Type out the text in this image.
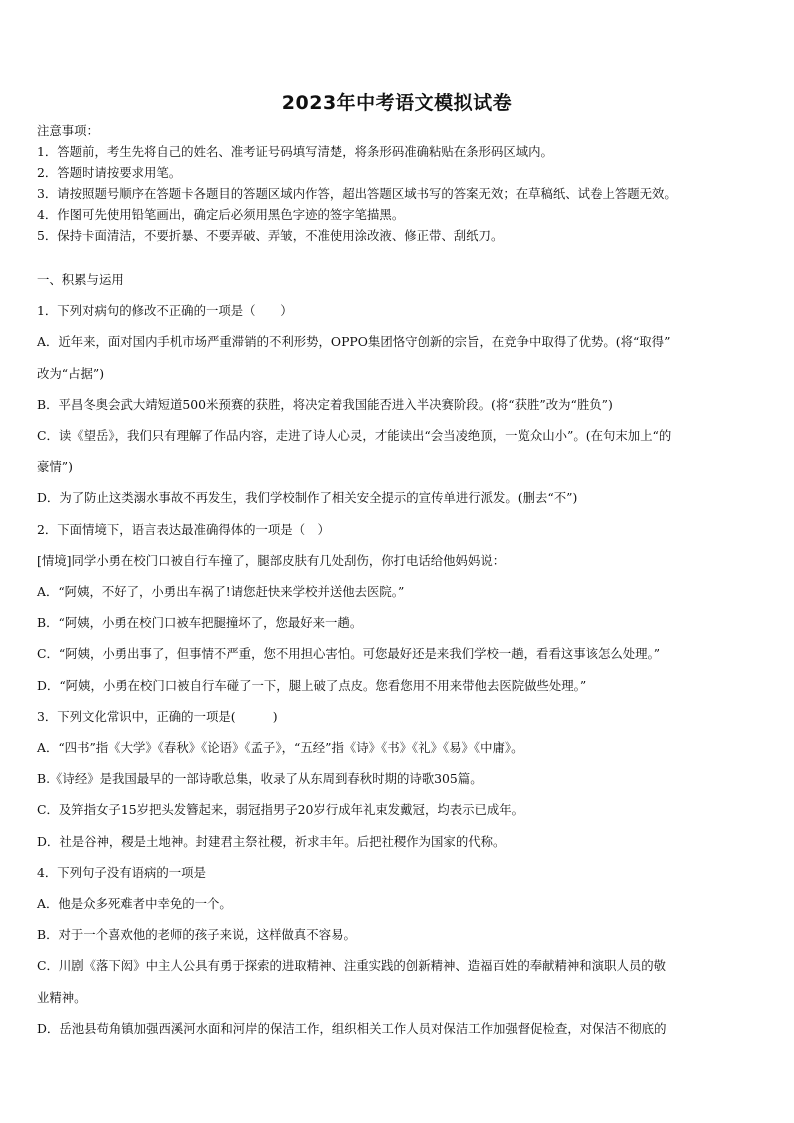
2023年中考语文模拟试卷
注意事项：
1．答题前，考生先将自己的姓名、准考证号码填写清楚，将条形码准确粘贴在条形码区域内。
2．答题时请按要求用笔。
3．请按照题号顺序在答题卡各题目的答题区域内作答，超出答题区域书写的答案无效；在草稿纸、试卷上答题无效。
4．作图可先使用铅笔画出，确定后必须用黑色字迹的签字笔描黑。
5．保持卡面清洁，不要折暴、不要弄破、弄皱，不准使用涂改液、修正带、刮纸刀。
一、积累与运用
1．下列对病句的修改不正确的一项是（　　）
A．近年来，面对国内手机市场严重滞销的不利形势，OPPO集团恪守创新的宗旨，在竞争中取得了优势。(将“取得”
改为“占据”)
B．平昌冬奥会武大靖短道500米预赛的获胜，将决定着我国能否进入半决赛阶段。(将“获胜”改为“胜负”)
C．读《望岳》，我们只有理解了作品内容，走进了诗人心灵，才能读出“会当凌绝顶，一览众山小”。(在句末加上“的
豪情”)
D．为了防止这类溺水事故不再发生，我们学校制作了相关安全提示的宣传单进行派发。(删去“不”)
2．下面情境下，语言表达最准确得体的一项是（　）
[情境]同学小勇在校门口被自行车撞了，腿部皮肤有几处刮伤，你打电话给他妈妈说：
A．“阿姨，不好了，小勇出车祸了!请您赶快来学校并送他去医院。”
B．“阿姨，小勇在校门口被车把腿撞坏了，您最好来一趟。
C．“阿姨，小勇出事了，但事情不严重，您不用担心害怕。可您最好还是来我们学校一趟，看看这事该怎么处理。”
D．“阿姨，小勇在校门口被自行车碰了一下，腿上破了点皮。您看您用不用来带他去医院做些处理。”
3．下列文化常识中，正确的一项是(　　　)
A．“四书”指《大学》《春秋》《论语》《孟子》，“五经”指《诗》《书》《礼》《易》《中庸》。
B.《诗经》是我国最早的一部诗歌总集，收录了从东周到春秋时期的诗歌305篇。
C．及笄指女子15岁把头发簪起来，弱冠指男子20岁行成年礼束发戴冠，均表示已成年。
D．社是谷神，稷是土地神。封建君主祭社稷，祈求丰年。后把社稷作为国家的代称。
4．下列句子没有语病的一项是
A．他是众多死难者中幸免的一个。
B．对于一个喜欢他的老师的孩子来说，这样做真不容易。
C．川剧《落下闳》中主人公具有勇于探索的进取精神、注重实践的创新精神、造福百姓的奉献精神和演职人员的敬
业精神。
D．岳池县苟角镇加强西溪河水面和河岸的保洁工作，组织相关工作人员对保洁工作加强督促检查，对保洁不彻底的
